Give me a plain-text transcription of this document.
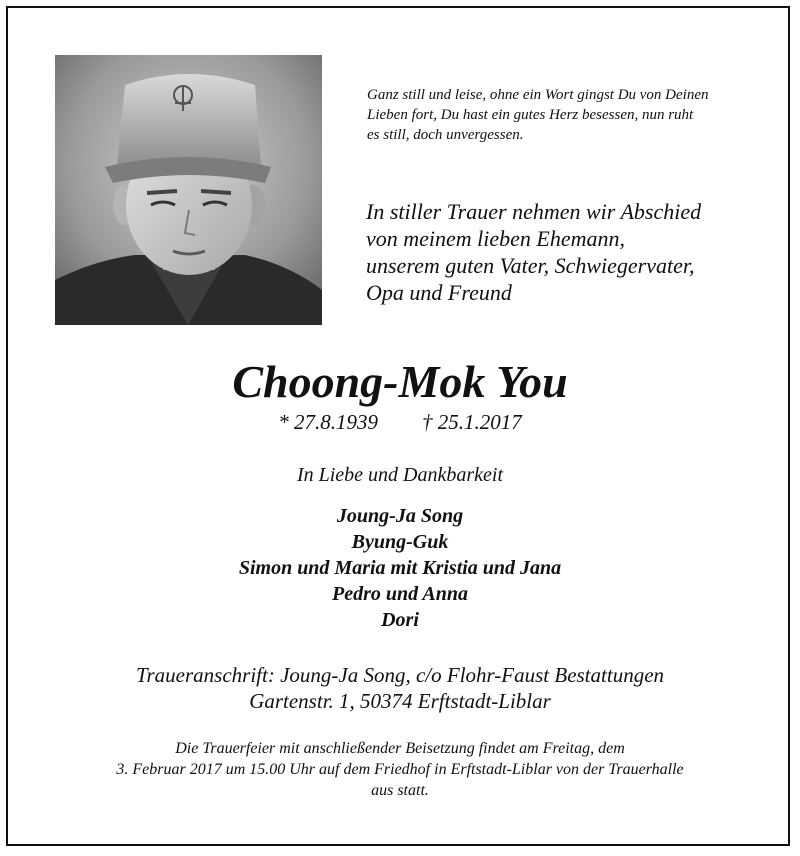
Ganz still und leise, ohne ein Wort gingst Du von Deinen
Lieben fort, Du hast ein gutes Herz besessen, nun ruht
es still, doch unvergessen.
In stiller Trauer nehmen wir Abschied
von meinem lieben Ehemann,
unserem guten Vater, Schwiegervater,
Opa und Freund
Choong-Mok You
* 27.8.1939 † 25.1.2017
In Liebe und Dankbarkeit
Joung-Ja Song
Byung-Guk
Simon und Maria mit Kristia und Jana
Pedro und Anna
Dori
Traueranschrift: Joung-Ja Song, c/o Flohr-Faust Bestattungen
Gartenstr. 1, 50374 Erftstadt-Liblar
Die Trauerfeier mit anschließender Beisetzung findet am Freitag, dem
3. Februar 2017 um 15.00 Uhr auf dem Friedhof in Erftstadt-Liblar von der Trauerhalle
aus statt.
